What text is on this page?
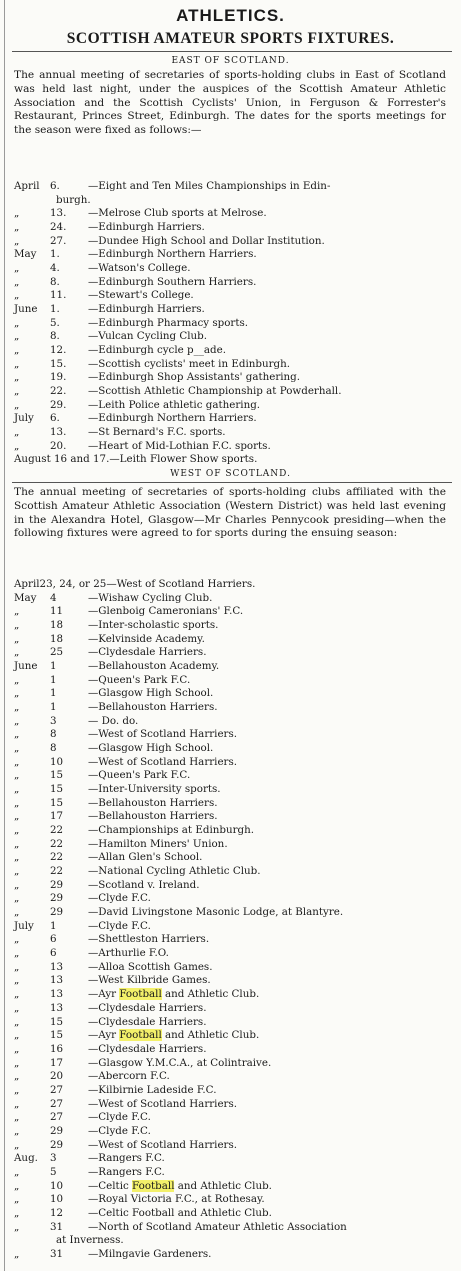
ATHLETICS.
SCOTTISH AMATEUR SPORTS FIXTURES.
EAST OF SCOTLAND.
The annual meeting of secretaries of sports-holding clubs in East of Scotland was held last night, under the auspices of the Scottish Amateur Athletic Association and the Scottish Cyclists' Union, in Ferguson & Forrester's Restaurant, Princes Street, Edinburgh. The dates for the sports meetings for the season were fixed as follows:—
April	6.	—Eight and Ten Miles Championships in Edin-
burgh.
„	13.	—Melrose Club sports at Melrose.
„	24.	—Edinburgh Harriers.
„	27.	—Dundee High School and Dollar Institution.
May	1.	—Edinburgh Northern Harriers.
„	4.	—Watson's College.
„	8.	—Edinburgh Southern Harriers.
„	11.	—Stewart's College.
June	1.	—Edinburgh Harriers.
„	5.	—Edinburgh Pharmacy sports.
„	8.	—Vulcan Cycling Club.
„	12.	—Edinburgh cycle p__ade.
„	15.	—Scottish cyclists' meet in Edinburgh.
„	19.	—Edinburgh Shop Assistants' gathering.
„	22.	—Scottish Athletic Championship at Powderhall.
„	29.	—Leith Police athletic gathering.
July	6.	—Edinburgh Northern Harriers.
„	13.	—St Bernard's F.C. sports.
„	20.	—Heart of Mid-Lothian F.C. sports.
August 16 and 17. —Leith Flower Show sports.
WEST OF SCOTLAND.
The annual meeting of secretaries of sports-holding clubs affiliated with the Scottish Amateur Athletic Association (Western District) was held last evening in the Alexandra Hotel, Glasgow—Mr Charles Pennycook presiding—when the following fixtures were agreed to for sports during the ensuing season:
April 23, 24, or 25 —West of Scotland Harriers.
May	4	—Wishaw Cycling Club.
„	11	—Glenboig Cameronians' F.C.
„	18	—Inter-scholastic sports.
„	18	—Kelvinside Academy.
„	25	—Clydesdale Harriers.
June	1	—Bellahouston Academy.
„	1	—Queen's Park F.C.
„	1	—Glasgow High School.
„	1	—Bellahouston Harriers.
„	3	— Do. do.
„	8	—West of Scotland Harriers.
„	8	—Glasgow High School.
„	10	—West of Scotland Harriers.
„	15	—Queen's Park F.C.
„	15	—Inter-University sports.
„	15	—Bellahouston Harriers.
„	17	—Bellahouston Harriers.
„	22	—Championships at Edinburgh.
„	22	—Hamilton Miners' Union.
„	22	—Allan Glen's School.
„	22	—National Cycling Athletic Club.
„	29	—Scotland v. Ireland.
„	29	—Clyde F.C.
„	29	—David Livingstone Masonic Lodge, at Blantyre.
July	1	—Clyde F.C.
„	6	—Shettleston Harriers.
„	6	—Arthurlie F.O.
„	13	—Alloa Scottish Games.
„	13	—West Kilbride Games.
„	13	—Ayr Football and Athletic Club.
„	13	—Clydesdale Harriers.
„	15	—Clydesdale Harriers.
„	15	—Ayr Football and Athletic Club.
„	16	—Clydesdale Harriers.
„	17	—Glasgow Y.M.C.A., at Colintraive.
„	20	—Abercorn F.C.
„	27	—Kilbirnie Ladeside F.C.
„	27	—West of Scotland Harriers.
„	27	—Clyde F.C.
„	29	—Clyde F.C.
„	29	—West of Scotland Harriers.
Aug.	3	—Rangers F.C.
„	5	—Rangers F.C.
„	10	—Celtic Football and Athletic Club.
„	10	—Royal Victoria F.C., at Rothesay.
„	12	—Celtic Football and Athletic Club.
„	31	—North of Scotland Amateur Athletic Association
at Inverness.
„	31	—Milngavie Gardeners.
